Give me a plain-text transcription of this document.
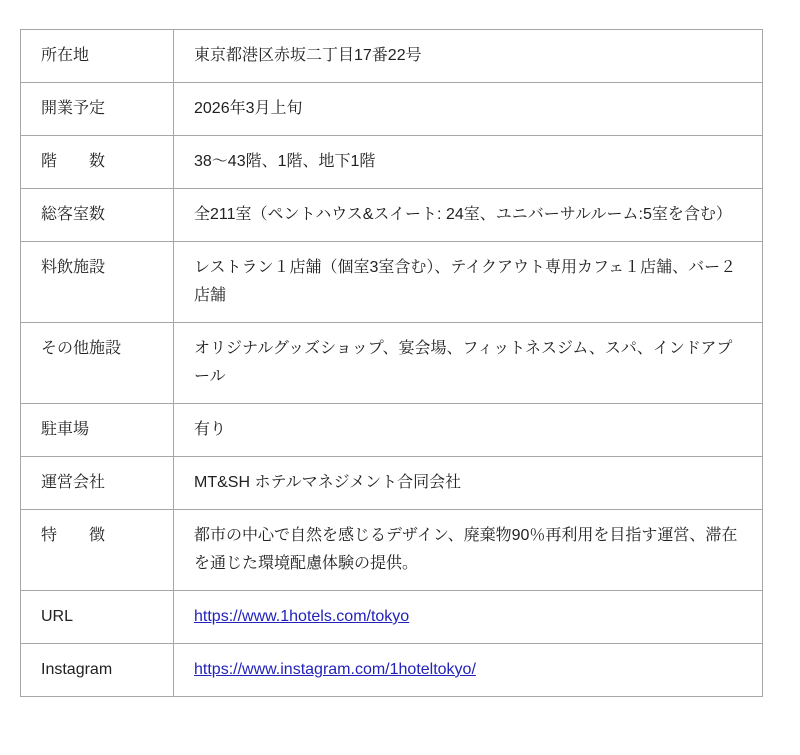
所在地	東京都港区赤坂二丁目17番22号
開業予定	2026年3月上旬
階　　数	38〜43階、1階、地下1階
総客室数	全211室（ペントハウス&スイート: 24室、ユニバーサルルーム:5室を含む）
料飲施設	レストラン１店舗（個室3室含む）、テイクアウト専用カフェ１店舗、バー２店舗
その他施設	オリジナルグッズショップ、宴会場、フィットネスジム、スパ、インドアプール
駐車場	有り
運営会社	MT&SH ホテルマネジメント合同会社
特　　徴	都市の中心で自然を感じるデザイン、廃棄物90％再利用を目指す運営、滞在を通じた環境配慮体験の提供。
URL	https://www.1hotels.com/tokyo
Instagram	https://www.instagram.com/1hoteltokyo/
